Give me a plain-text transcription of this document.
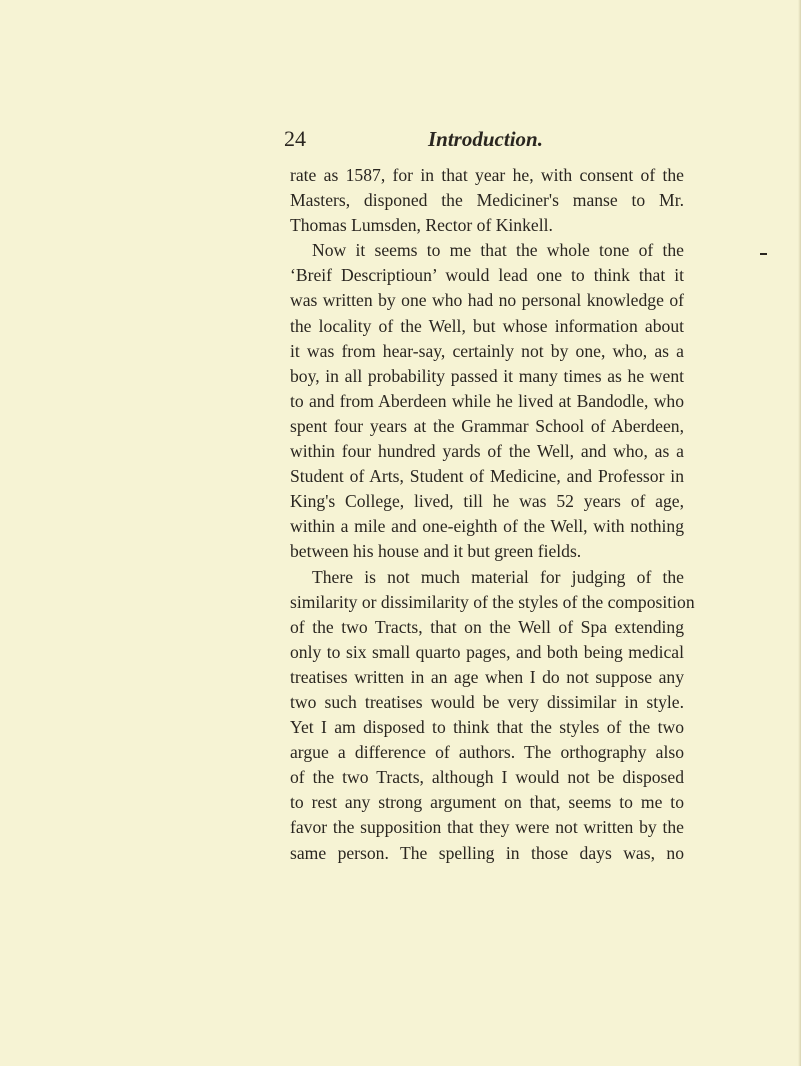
24	Introduction.
rate as 1587, for in that year he, with consent of the
Masters, disponed the Mediciner's manse to Mr.
Thomas Lumsden, Rector of Kinkell.
Now it seems to me that the whole tone of the
‘Breif Descriptioun’ would lead one to think that it
was written by one who had no personal knowledge of
the locality of the Well, but whose information about
it was from hear-say, certainly not by one, who, as a
boy, in all probability passed it many times as he went
to and from Aberdeen while he lived at Bandodle, who
spent four years at the Grammar School of Aberdeen,
within four hundred yards of the Well, and who, as a
Student of Arts, Student of Medicine, and Professor in
King's College, lived, till he was 52 years of age,
within a mile and one-eighth of the Well, with nothing
between his house and it but green fields.
There is not much material for judging of the
similarity or dissimilarity of the styles of the composition
of the two Tracts, that on the Well of Spa extending
only to six small quarto pages, and both being medical
treatises written in an age when I do not suppose any
two such treatises would be very dissimilar in style.
Yet I am disposed to think that the styles of the two
argue a difference of authors. The orthography also
of the two Tracts, although I would not be disposed
to rest any strong argument on that, seems to me to
favor the supposition that they were not written by the
same person. The spelling in those days was, no
